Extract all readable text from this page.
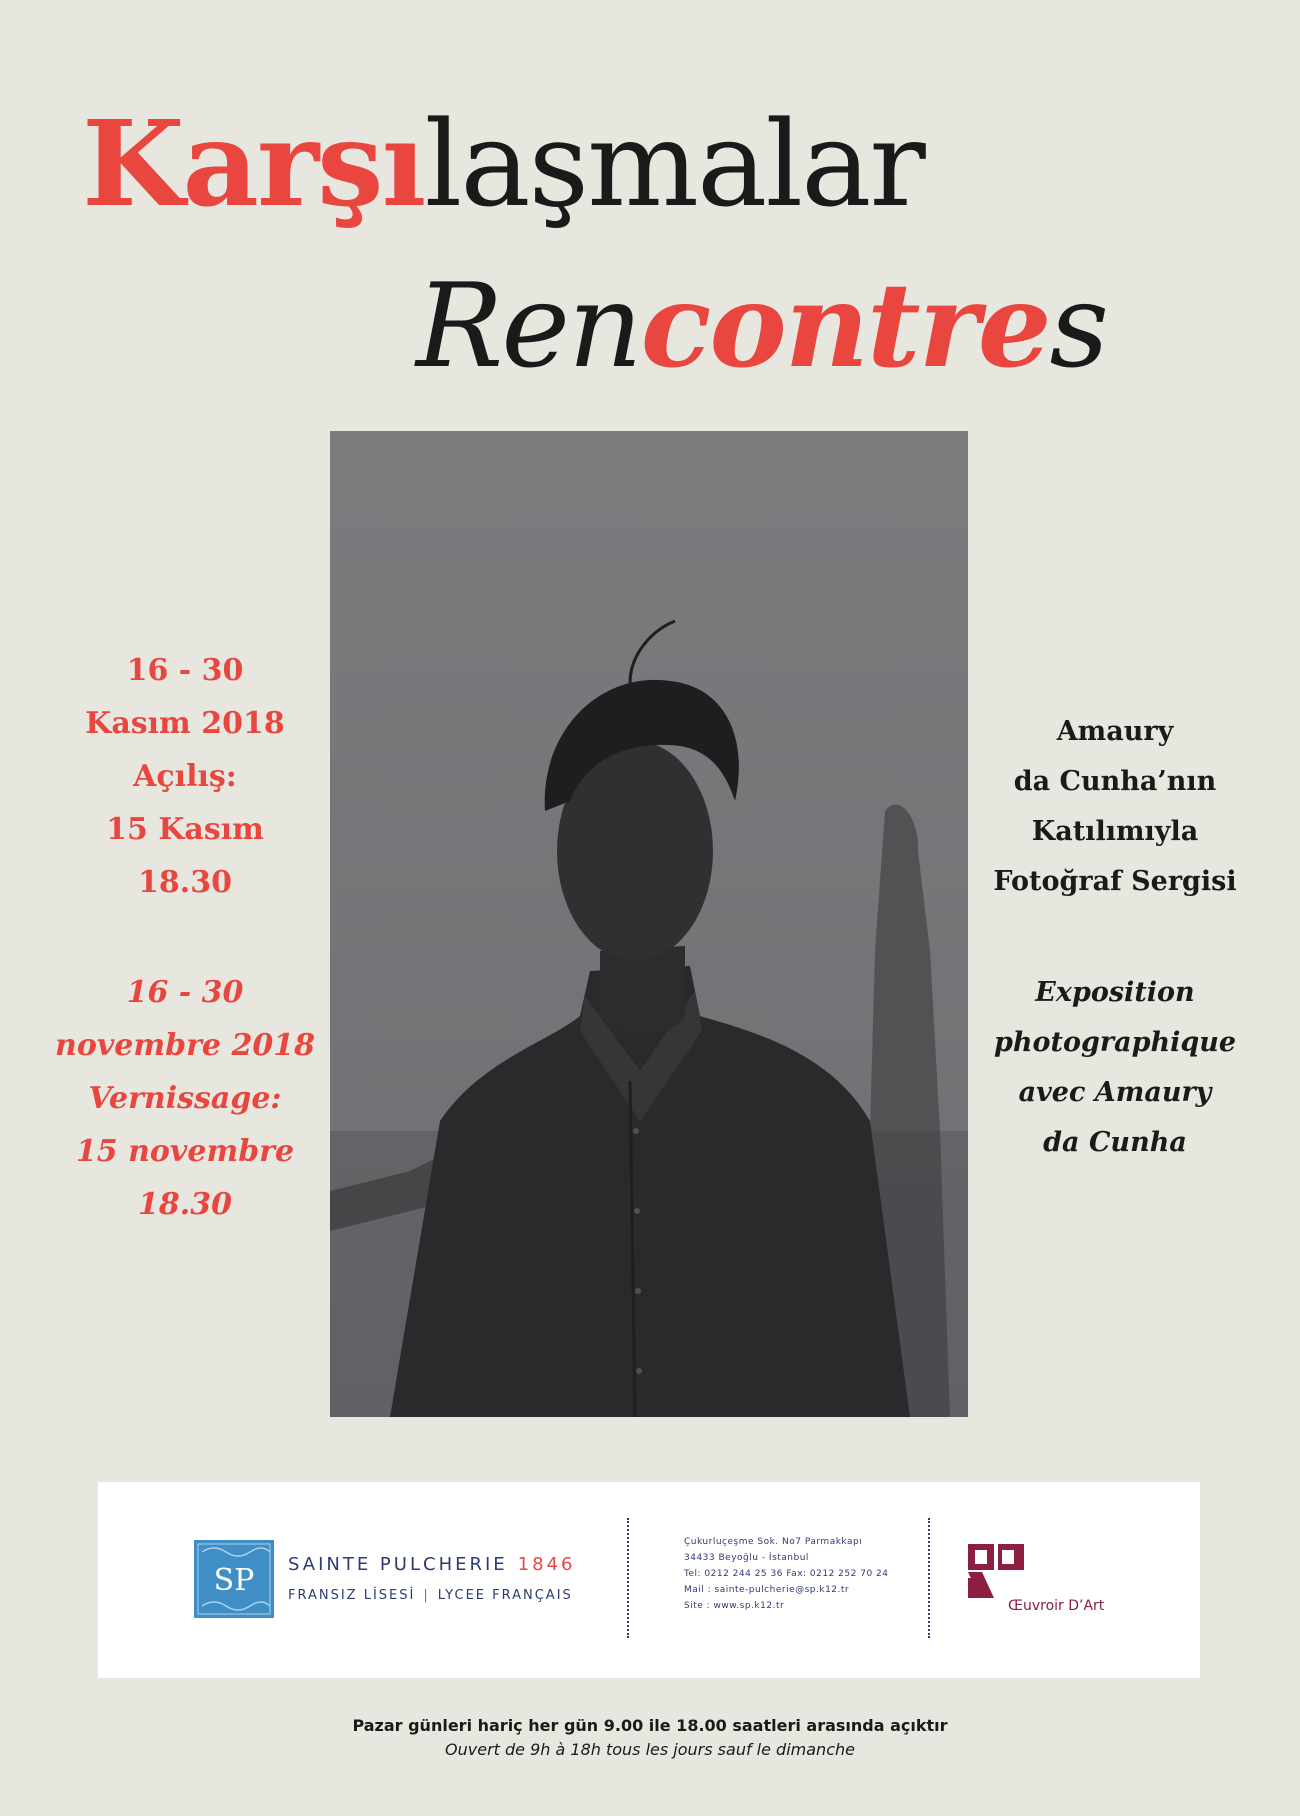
Karşılaşmalar
Rencontres
16 - 30
Kasım 2018
Açılış:
15 Kasım
18.30
16 - 30
novembre 2018
Vernissage:
15 novembre
18.30
Amaury
da Cunha’nın
Katılımıyla
Fotoğraf Sergisi
Exposition
photographique
avec Amaury
da Cunha
SP SAINTE PULCHERIE 1846
FRANSIZ LİSESİ | LYCEE FRANÇAIS
Çukurluçeşme Sok. No7 Parmakkapı
34433 Beyoğlu - İstanbul
Tel: 0212 244 25 36 Fax: 0212 252 70 24
Mail : sainte-pulcherie@sp.k12.tr
Site : www.sp.k12.tr	Œuvroir D’Art
Pazar günleri hariç her gün 9.00 ile 18.00 saatleri arasında açıktır
Ouvert de 9h à 18h tous les jours sauf le dimanche
